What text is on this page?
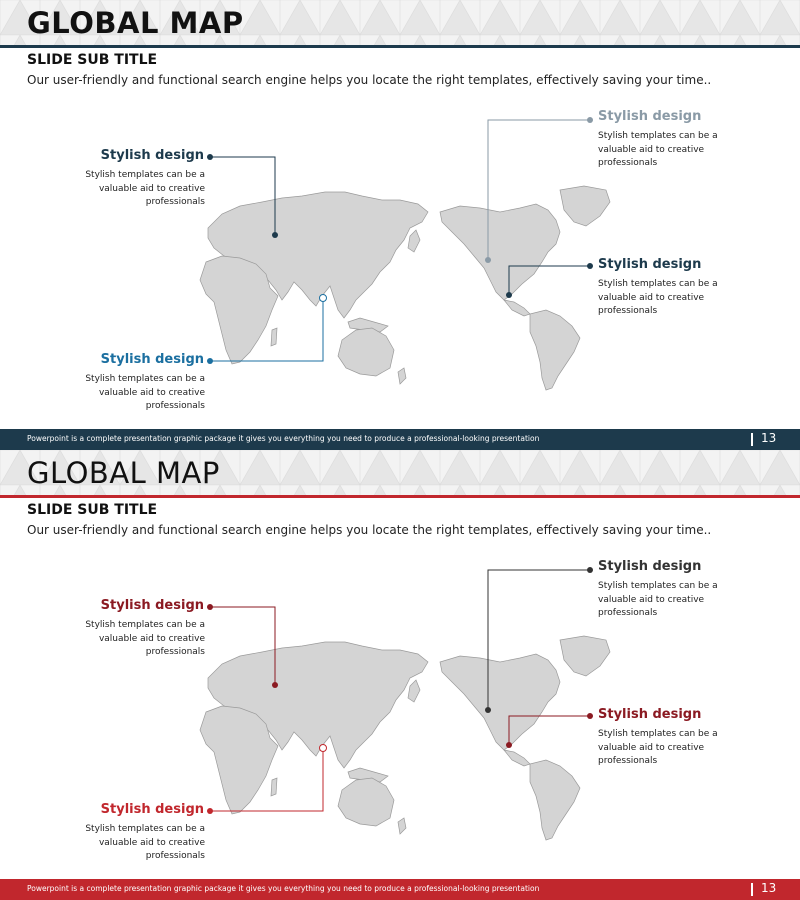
GLOBAL MAP
SLIDE SUB TITLE
Our user-friendly and functional search engine helps you locate the right templates, effectively saving your time..
Stylish design
Stylish templates can be a valuable aid to creative professionals
Stylish design
Stylish templates can be a valuable aid to creative professionals
Stylish design
Stylish templates can be a valuable aid to creative professionals
Stylish design
Stylish templates can be a valuable aid to creative professionals
Powerpoint is a complete presentation graphic package it gives you everything you need to produce a professional-looking presentation	13
GLOBAL MAP
SLIDE SUB TITLE
Our user-friendly and functional search engine helps you locate the right templates, effectively saving your time..
Stylish design
Stylish templates can be a valuable aid to creative professionals
Stylish design
Stylish templates can be a valuable aid to creative professionals
Stylish design
Stylish templates can be a valuable aid to creative professionals
Stylish design
Stylish templates can be a valuable aid to creative professionals
Powerpoint is a complete presentation graphic package it gives you everything you need to produce a professional-looking presentation	13
